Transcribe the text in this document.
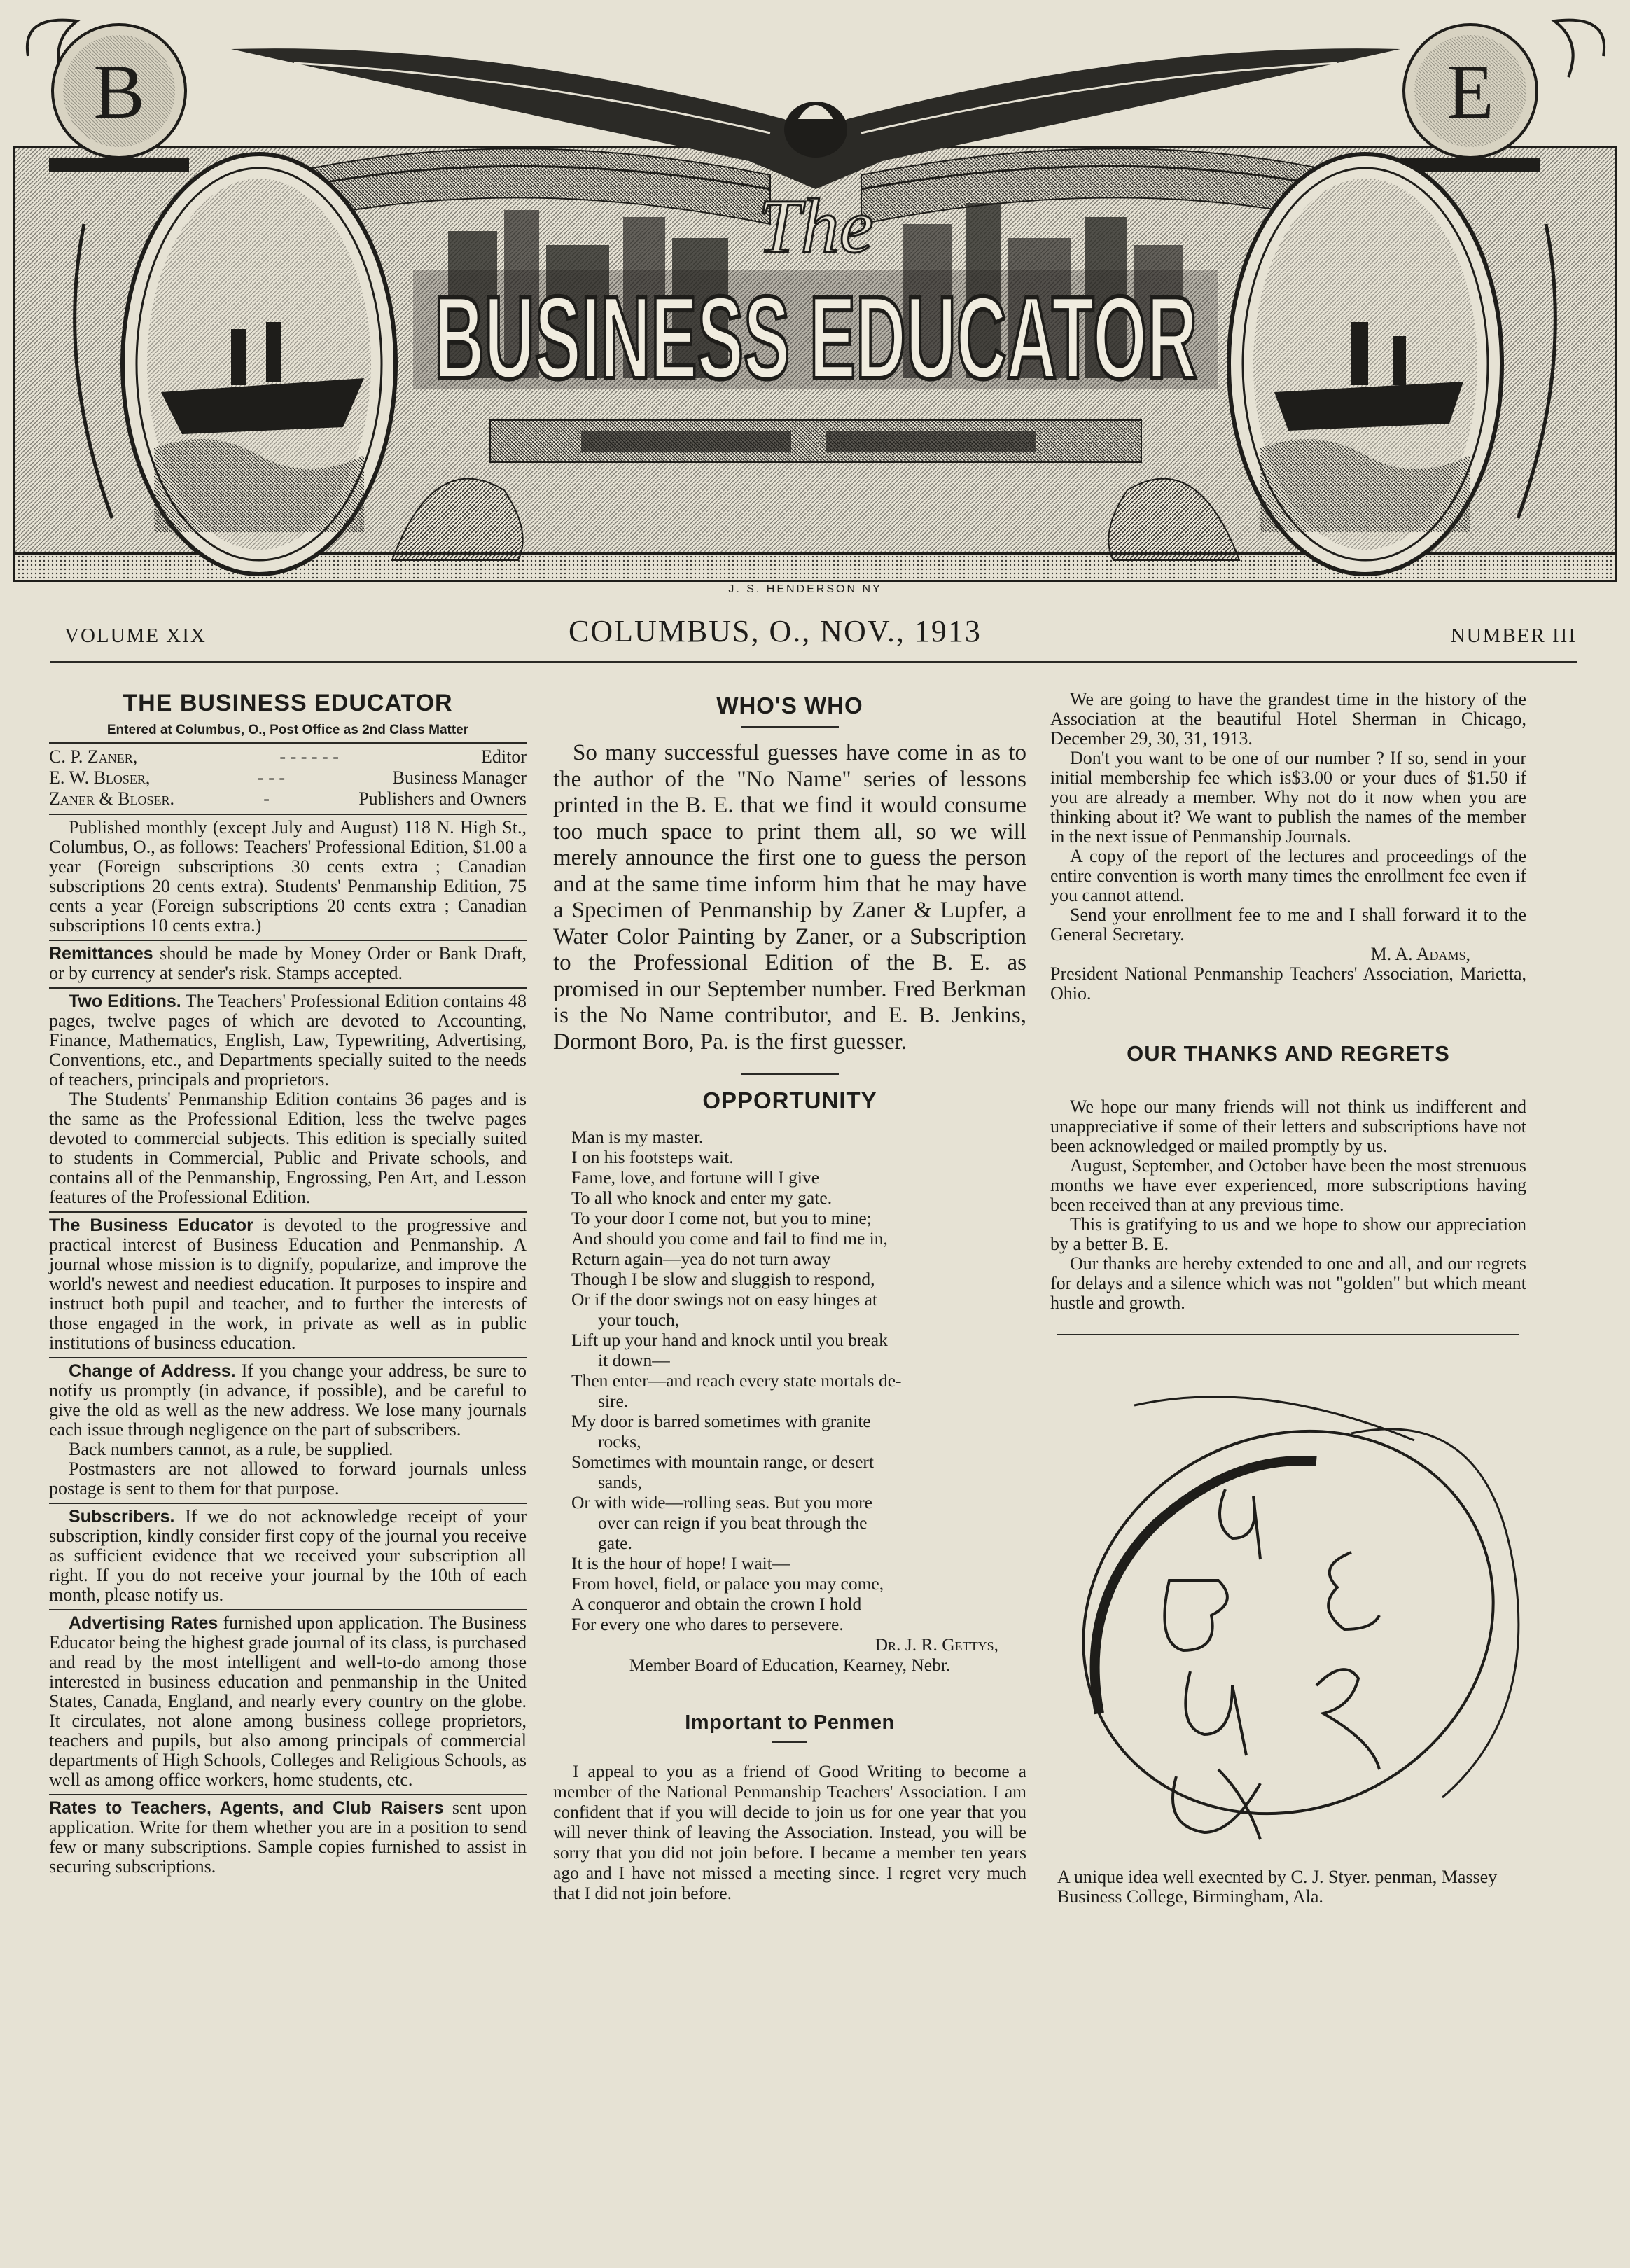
B	E
The
BUSINESS EDUCATOR
J. S. HENDERSON NY
VOLUME XIX	COLUMBUS, O., NOV., 1913	NUMBER III
THE BUSINESS EDUCATOR
Entered at Columbus, O., Post Office as 2nd Class Matter
C. P. Zaner,	- - - - - -	Editor
E. W. Bloser,	- - -	Business Manager
Zaner & Bloser.	-	Publishers and Owners

Published monthly (except July and August) 118 N. High St., Columbus, O., as follows: Teachers' Professional Edition, $1.00 a year (Foreign subscriptions 30 cents extra ; Canadian subscriptions 20 cents extra). Students' Penmanship Edition, 75 cents a year (Foreign subscriptions 20 cents extra ; Canadian subscriptions 10 cents extra.)

Remittances should be made by Money Order or Bank Draft, or by currency at sender's risk. Stamps accepted.

Two Editions. The Teachers' Professional Edition contains 48 pages, twelve pages of which are devoted to Accounting, Finance, Mathematics, English, Law, Typewriting, Advertising, Conventions, etc., and Departments specially suited to the needs of teachers, principals and proprietors.

The Students' Penmanship Edition contains 36 pages and is the same as the Professional Edition, less the twelve pages devoted to commercial subjects. This edition is specially suited to students in Commercial, Public and Private schools, and contains all of the Penmanship, Engrossing, Pen Art, and Lesson features of the Professional Edition.

The Business Educator is devoted to the progressive and practical interest of Business Education and Penmanship. A journal whose mission is to dignify, popularize, and improve the world's newest and neediest education. It purposes to inspire and instruct both pupil and teacher, and to further the interests of those engaged in the work, in private as well as in public institutions of business education.

Change of Address. If you change your address, be sure to notify us promptly (in advance, if possible), and be careful to give the old as well as the new address. We lose many journals each issue through negligence on the part of subscribers.

Back numbers cannot, as a rule, be supplied.

Postmasters are not allowed to forward journals unless postage is sent to them for that purpose.

Subscribers. If we do not acknowledge receipt of your subscription, kindly consider first copy of the journal you receive as sufficient evidence that we received your subscription all right. If you do not receive your journal by the 10th of each month, please notify us.

Advertising Rates furnished upon application. The Business Educator being the highest grade journal of its class, is purchased and read by the most intelligent and well-to-do among those interested in business education and penmanship in the United States, Canada, England, and nearly every country on the globe. It circulates, not alone among business college proprietors, teachers and pupils, but also among principals of commercial departments of High Schools, Colleges and Religious Schools, as well as among office workers, home students, etc.

Rates to Teachers, Agents, and Club Raisers sent upon application. Write for them whether you are in a position to send few or many subscriptions. Sample copies furnished to assist in securing subscriptions.

WHO'S WHO

So many successful guesses have come in as to the author of the "No Name" series of lessons printed in the B. E. that we find it would consume too much space to print them all, so we will merely announce the first one to guess the person and at the same time inform him that he may have a Specimen of Penmanship by Zaner & Lupfer, a Water Color Painting by Zaner, or a Subscription to the Professional Edition of the B. E. as promised in our September number. Fred Berkman is the No Name contributor, and E. B. Jenkins, Dormont Boro, Pa. is the first guesser.

OPPORTUNITY

Man is my master.

I on his footsteps wait.

Fame, love, and fortune will I give

To all who knock and enter my gate.

To your door I come not, but you to mine;

And should you come and fail to find me in,

Return again—yea do not turn away

Though I be slow and sluggish to respond,

Or if the door swings not on easy hinges at

your touch,

Lift up your hand and knock until you break

it down—

Then enter—and reach every state mortals de-

sire.

My door is barred sometimes with granite

rocks,

Sometimes with mountain range, or desert

sands,

Or with wide—rolling seas. But you more

over can reign if you beat through the

gate.

It is the hour of hope! I wait—

From hovel, field, or palace you may come,

A conqueror and obtain the crown I hold

For every one who dares to persevere.

Dr. J. R. Gettys,

Member Board of Education, Kearney, Nebr.

Important to Penmen

I appeal to you as a friend of Good Writing to become a member of the National Penmanship Teachers' Association. I am confident that if you will decide to join us for one year that you will never think of leaving the Association. Instead, you will be sorry that you did not join before. I became a member ten years ago and I have not missed a meeting since. I regret very much that I did not join before.

We are going to have the grandest time in the history of the Association at the beautiful Hotel Sherman in Chicago, December 29, 30, 31, 1913.

Don't you want to be one of our number ? If so, send in your initial membership fee which is$3.00 or your dues of $1.50 if you are already a member. Why not do it now when you are thinking about it? We want to publish the names of the member in the next issue of Penmanship Journals.

A copy of the report of the lectures and proceedings of the entire convention is worth many times the enrollment fee even if you cannot attend.

Send your enrollment fee to me and I shall forward it to the General Secretary.

M. A. Adams,

President National Penmanship Teachers' Association, Marietta, Ohio.

OUR THANKS AND REGRETS

We hope our many friends will not think us indifferent and unappreciative if some of their letters and subscriptions have not been acknowledged or mailed promptly by us.

August, September, and October have been the most strenuous months we have ever experienced, more subscriptions having been received than at any previous time.

This is gratifying to us and we hope to show our appreciation by a better B. E.

Our thanks are hereby extended to one and all, and our regrets for delays and a silence which was not "golden" but which meant hustle and growth.

A unique idea well execnted by C. J. Styer. penman, Massey Business College, Birmingham, Ala.
